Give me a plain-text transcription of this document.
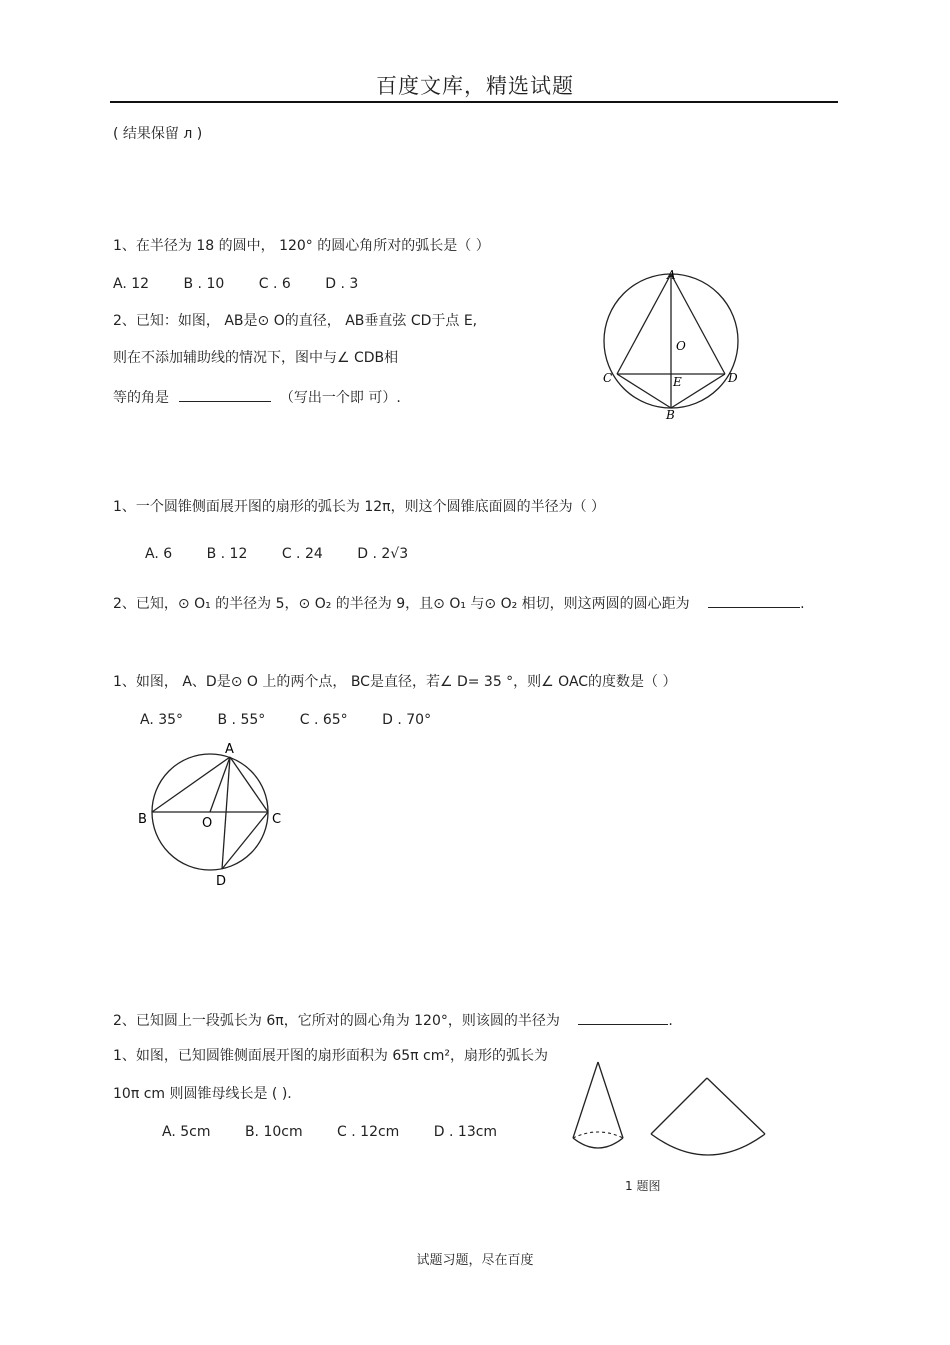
百度文库，精选试题
( 结果保留 л )
1、在半径为 18 的圆中， 120° 的圆心角所对的弧长是（ ）
A. 12 B . 10 C . 6 D . 3
2、已知：如图， AB是⊙ O的直径， AB垂直弦 CD于点 E,
则在不添加辅助线的情况下，图中与∠ CDB相
等的角是	（写出一个即 可）.
A
O
C	E	D
B
1、一个圆锥侧面展开图的扇形的弧长为 12π，则这个圆锥底面圆的半径为（ ）
A. 6 B . 12 C . 24 D . 2√3
2、已知，⊙ O₁ 的半径为 5，⊙ O₂ 的半径为 9，且⊙ O₁ 与⊙ O₂ 相切，则这两圆的圆心距为	.
1、如图， A、D是⊙ O 上的两个点， BC是直径，若∠ D= 35 °，则∠ OAC的度数是（ ）
A. 35° B . 55° C . 65° D . 70°
A
B	O	C
D
2、已知圆上一段弧长为 6π，它所对的圆心角为 120°，则该圆的半径为	.
1、如图，已知圆锥侧面展开图的扇形面积为 65π cm²，扇形的弧长为
10π cm 则圆锥母线长是 ( ).
A. 5cm B. 10cm C . 12cm D . 13cm
1 题图
试题习题，尽在百度
